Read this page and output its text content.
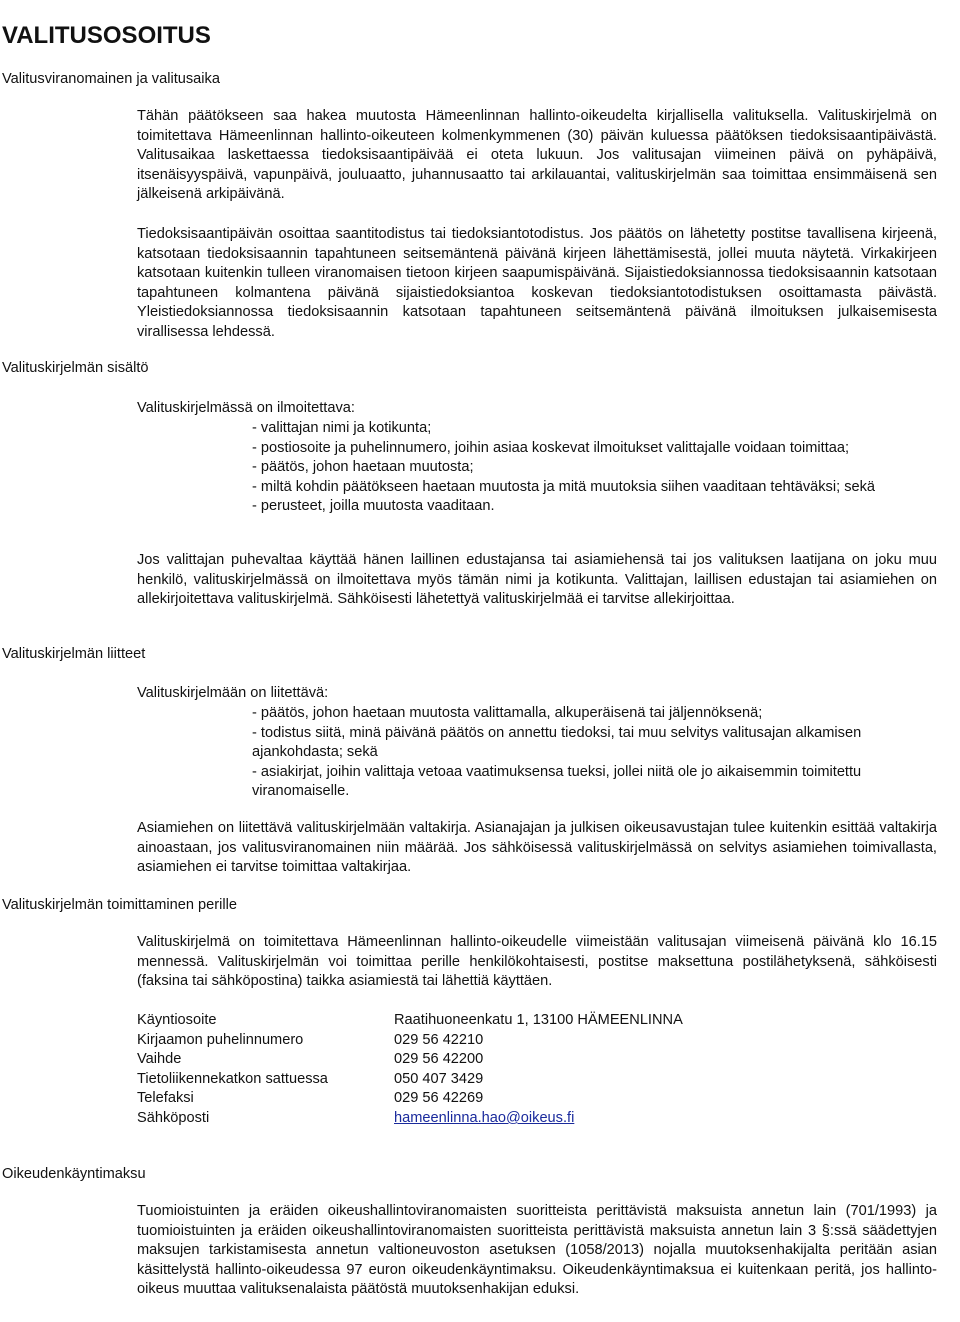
VALITUSOSOITUS

Valitusviranomainen ja valitusaika

Tähän päätökseen saa hakea muutosta Hämeenlinnan hallinto-oikeudelta kirjallisella valituksella. Valituskirjelmä on toimitettava Hämeenlinnan hallinto-oikeuteen kolmenkymmenen (30) päivän kuluessa päätöksen tiedoksisaantipäivästä. Valitusaikaa laskettaessa tiedoksisaantipäivää ei oteta lukuun. Jos valitusajan viimeinen päivä on pyhäpäivä, itsenäisyyspäivä, vapunpäivä, jouluaatto, juhannusaatto tai arkilauantai, valituskirjelmän saa toimittaa ensimmäisenä sen jälkeisenä arkipäivänä.

Tiedoksisaantipäivän osoittaa saantitodistus tai tiedoksiantotodistus. Jos päätös on lähetetty postitse tavallisena kirjeenä, katsotaan tiedoksisaannin tapahtuneen seitsemäntenä päivänä kirjeen lähettämisestä, jollei muuta näytetä. Virkakirjeen katsotaan kuitenkin tulleen viranomaisen tietoon kirjeen saapumispäivänä. Sijaistiedoksiannossa tiedoksisaannin katsotaan tapahtuneen kolmantena päivänä sijaistiedoksiantoa koskevan tiedoksiantotodistuksen osoittamasta päivästä. Yleistiedoksiannossa tiedoksisaannin katsotaan tapahtuneen seitsemäntenä päivänä ilmoituksen julkaisemisesta virallisessa lehdessä.

Valituskirjelmän sisältö

Valituskirjelmässä on ilmoitettava:

- valittajan nimi ja kotikunta;
- postiosoite ja puhelinnumero, joihin asiaa koskevat ilmoitukset valittajalle voidaan toimittaa;
- päätös, johon haetaan muutosta;
- miltä kohdin päätökseen haetaan muutosta ja mitä muutoksia siihen vaaditaan tehtäväksi; sekä
- perusteet, joilla muutosta vaaditaan.

Jos valittajan puhevaltaa käyttää hänen laillinen edustajansa tai asiamiehensä tai jos valituksen laatijana on joku muu henkilö, valituskirjelmässä on ilmoitettava myös tämän nimi ja kotikunta. Valittajan, laillisen edustajan tai asiamiehen on allekirjoitettava valituskirjelmä. Sähköisesti lähetettyä valituskirjelmää ei tarvitse allekirjoittaa.

Valituskirjelmän liitteet

Valituskirjelmään on liitettävä:

- päätös, johon haetaan muutosta valittamalla, alkuperäisenä tai jäljennöksenä;
- todistus siitä, minä päivänä päätös on annettu tiedoksi, tai muu selvitys valitusajan alkamisen ajankohdasta; sekä
- asiakirjat, joihin valittaja vetoaa vaatimuksensa tueksi, jollei niitä ole jo aikaisemmin toimitettu viranomaiselle.

Asiamiehen on liitettävä valituskirjelmään valtakirja. Asianajajan ja julkisen oikeusavustajan tulee kuitenkin esittää valtakirja ainoastaan, jos valitusviranomainen niin määrää. Jos sähköisessä valituskirjelmässä on selvitys asiamiehen toimivallasta, asiamiehen ei tarvitse toimittaa valtakirjaa.

Valituskirjelmän toimittaminen perille

Valituskirjelmä on toimitettava Hämeenlinnan hallinto-oikeudelle viimeistään valitusajan viimeisenä päivänä klo 16.15 mennessä. Valituskirjelmän voi toimittaa perille henkilökohtaisesti, postitse maksettuna postilähetyksenä, sähköisesti (faksina tai sähköpostina) taikka asiamiestä tai lähettiä käyttäen.

Käyntiosoite	Raatihuoneenkatu 1, 13100 HÄMEENLINNA
Kirjaamon puhelinnumero	029 56 42210
Vaihde	029 56 42200
Tietoliikennekatkon sattuessa	050 407 3429
Telefaksi	029 56 42269
Sähköposti	hameenlinna.hao@oikeus.fi

Oikeudenkäyntimaksu

Tuomioistuinten ja eräiden oikeushallintoviranomaisten suoritteista perittävistä maksuista annetun lain (701/1993) ja tuomioistuinten ja eräiden oikeushallintoviranomaisten suoritteista perittävistä maksuista annetun lain 3 §:ssä säädettyjen maksujen tarkistamisesta annetun valtioneuvoston asetuksen (1058/2013) nojalla muutoksenhakijalta peritään asian käsittelystä hallinto-oikeudessa 97 euron oikeudenkäyntimaksu. Oikeudenkäyntimaksua ei kuitenkaan peritä, jos hallinto-oikeus muuttaa valituksenalaista päätöstä muutoksenhakijan eduksi.
